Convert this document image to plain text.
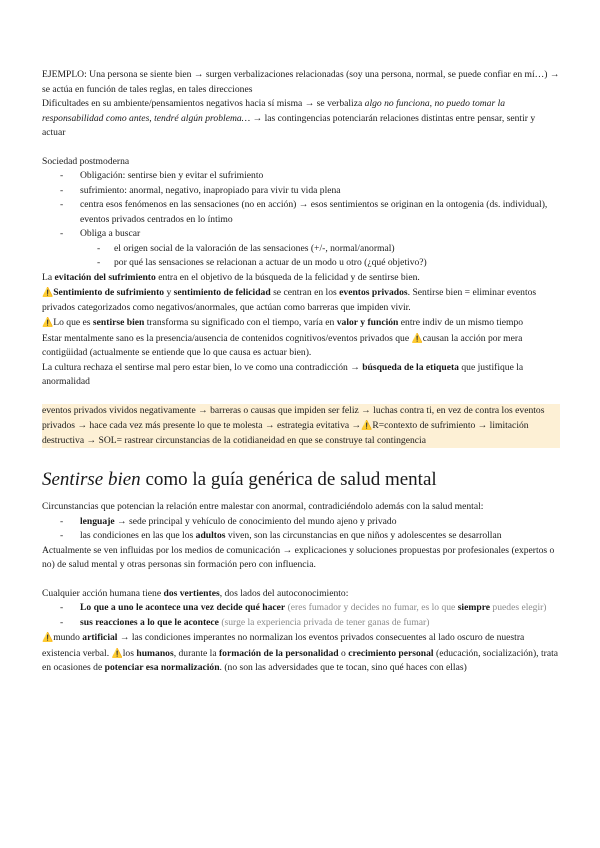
EJEMPLO: Una persona se siente bien → surgen verbalizaciones relacionadas (soy una persona, normal, se puede confiar en mí…) → se actúa en función de tales reglas, en tales direcciones

Dificultades en su ambiente/pensamientos negativos hacia sí misma → se verbaliza algo no funciona, no puedo tomar la responsabilidad como antes, tendré algún problema… → las contingencias potenciarán relaciones distintas entre pensar, sentir y actuar

Sociedad postmoderna

- Obligación: sentirse bien y evitar el sufrimiento
- sufrimiento: anormal, negativo, inapropiado para vivir tu vida plena
- centra esos fenómenos en las sensaciones (no en acción) → esos sentimientos se originan en la ontogenia (ds. individual), eventos privados centrados en lo íntimo
- Obliga a buscar
- el origen social de la valoración de las sensaciones (+/-, normal/anormal)
- por qué las sensaciones se relacionan a actuar de un modo u otro (¿qué objetivo?)

La evitación del sufrimiento entra en el objetivo de la búsqueda de la felicidad y de sentirse bien.

⚠️Sentimiento de sufrimiento y sentimiento de felicidad se centran en los eventos privados. Sentirse bien = eliminar eventos privados categorizados como negativos/anormales, que actúan como barreras que impiden vivir.

⚠️Lo que es sentirse bien transforma su significado con el tiempo, varía en valor y función entre indiv de un mismo tiempo

Estar mentalmente sano es la presencia/ausencia de contenidos cognitivos/eventos privados que ⚠️causan la acción por mera contigüidad (actualmente se entiende que lo que causa es actuar bien).

La cultura rechaza el sentirse mal pero estar bien, lo ve como una contradicción → búsqueda de la etiqueta que justifique la anormalidad

eventos privados vividos negativamente → barreras o causas que impiden ser feliz → luchas contra ti, en vez de contra los eventos privados → hace cada vez más presente lo que te molesta → estrategia evitativa →⚠️R=contexto de sufrimiento → limitación destructiva → SOL= rastrear circunstancias de la cotidianeidad en que se construye tal contingencia

Sentirse bien como la guía genérica de salud mental

Circunstancias que potencian la relación entre malestar con anormal, contradiciéndolo además con la salud mental:

- lenguaje → sede principal y vehículo de conocimiento del mundo ajeno y privado
- las condiciones en las que los adultos viven, son las circunstancias en que niños y adolescentes se desarrollan

Actualmente se ven influidas por los medios de comunicación → explicaciones y soluciones propuestas por profesionales (expertos o no) de salud mental y otras personas sin formación pero con influencia.

Cualquier acción humana tiene dos vertientes, dos lados del autoconocimiento:

- Lo que a uno le acontece una vez decide qué hacer (eres fumador y decides no fumar, es lo que siempre puedes elegir)
- sus reacciones a lo que le acontece (surge la experiencia privada de tener ganas de fumar)

⚠️mundo artificial → las condiciones imperantes no normalizan los eventos privados consecuentes al lado oscuro de nuestra existencia verbal. ⚠️los humanos, durante la formación de la personalidad o crecimiento personal (educación, socialización), trata en ocasiones de potenciar esa normalización. (no son las adversidades que te tocan, sino qué haces con ellas)
